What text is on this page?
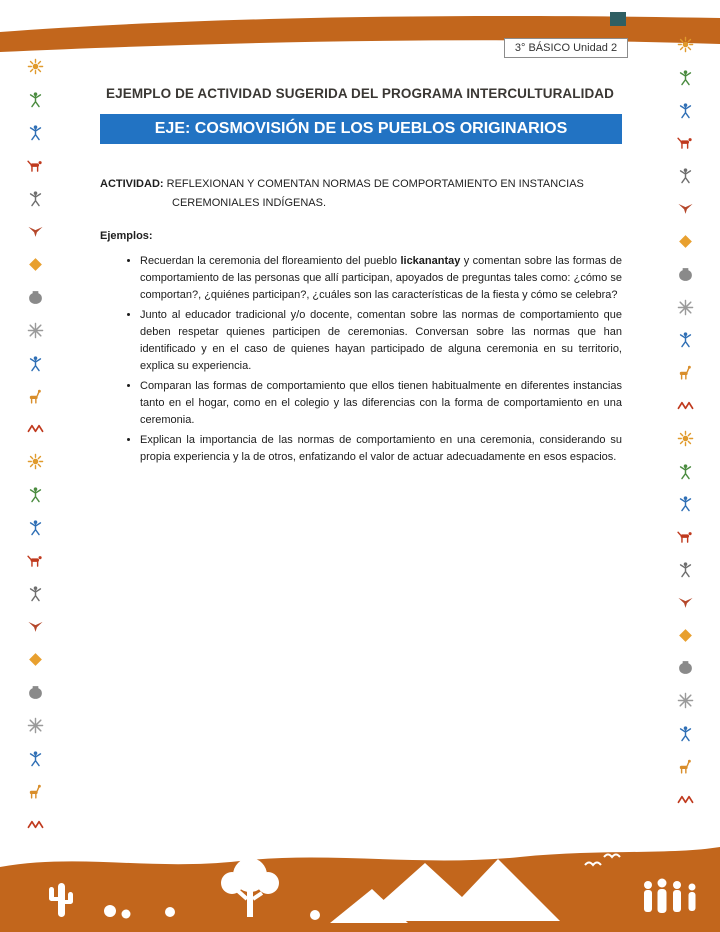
3° BÁSICO Unidad 2
EJEMPLO DE ACTIVIDAD SUGERIDA DEL PROGRAMA INTERCULTURALIDAD
EJE: COSMOVISIÓN DE LOS PUEBLOS ORIGINARIOS

ACTIVIDAD: REFLEXIONAN Y COMENTAN NORMAS DE COMPORTAMIENTO EN INSTANCIAS CEREMONIALES INDÍGENAS.

Ejemplos:

• Recuerdan la ceremonia del floreamiento del pueblo lickanantay y comentan sobre las formas de comportamiento de las personas que allí participan, apoyados de preguntas tales como: ¿cómo se comportan?, ¿quiénes participan?, ¿cuáles son las características de la fiesta y cómo se celebra?
• Junto al educador tradicional y/o docente, comentan sobre las normas de comportamiento que deben respetar quienes participen de ceremonias. Conversan sobre las normas que han identificado y en el caso de quienes hayan participado de alguna ceremonia en su territorio, explica su experiencia.
• Comparan las formas de comportamiento que ellos tienen habitualmente en diferentes instancias tanto en el hogar, como en el colegio y las diferencias con la forma de comportamiento en una ceremonia.
• Explican la importancia de las normas de comportamiento en una ceremonia, considerando su propia experiencia y la de otros, enfatizando el valor de actuar adecuadamente en esos espacios.
